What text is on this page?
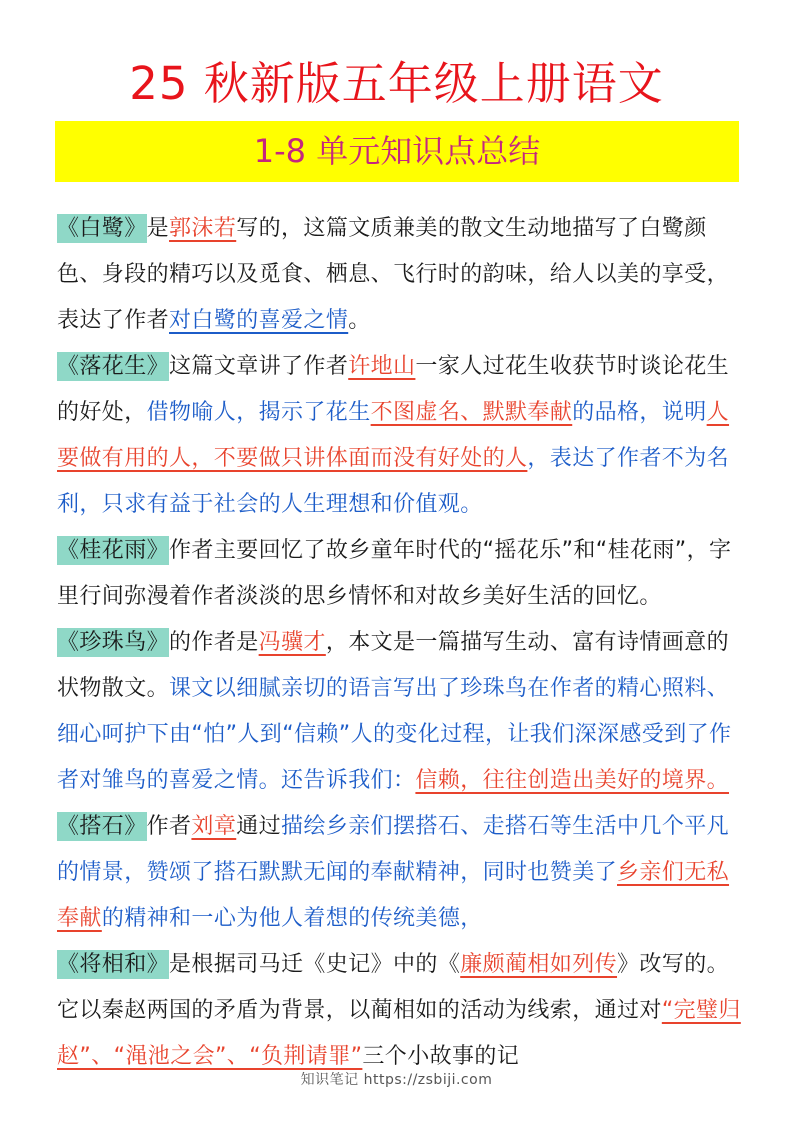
25 秋新版五年级上册语文
1-8 单元知识点总结

《白鹭》是郭沫若写的，这篇文质兼美的散文生动地描写了白鹭颜色、身段的精巧以及觅食、栖息、飞行时的韵味，给人以美的享受，表达了作者对白鹭的喜爱之情。

《落花生》这篇文章讲了作者许地山一家人过花生收获节时谈论花生的好处，借物喻人，揭示了花生不图虚名、默默奉献的品格，说明人要做有用的人，不要做只讲体面而没有好处的人，表达了作者不为名利，只求有益于社会的人生理想和价值观。

《桂花雨》作者主要回忆了故乡童年时代的“摇花乐”和“桂花雨”，字里行间弥漫着作者淡淡的思乡情怀和对故乡美好生活的回忆。

《珍珠鸟》的作者是冯骥才，本文是一篇描写生动、富有诗情画意的状物散文。课文以细腻亲切的语言写出了珍珠鸟在作者的精心照料、细心呵护下由“怕”人到“信赖”人的变化过程，让我们深深感受到了作者对雏鸟的喜爱之情。还告诉我们：信赖，往往创造出美好的境界。

《搭石》作者刘章通过描绘乡亲们摆搭石、走搭石等生活中几个平凡的情景，赞颂了搭石默默无闻的奉献精神，同时也赞美了乡亲们无私奉献的精神和一心为他人着想的传统美德，

《将相和》是根据司马迁《史记》中的《廉颇蔺相如列传》改写的。它以秦赵两国的矛盾为背景，以蔺相如的活动为线索，通过对“完璧归赵”、“渑池之会”、“负荆请罪”三个小故事的记

知识笔记 https://zsbiji.com
